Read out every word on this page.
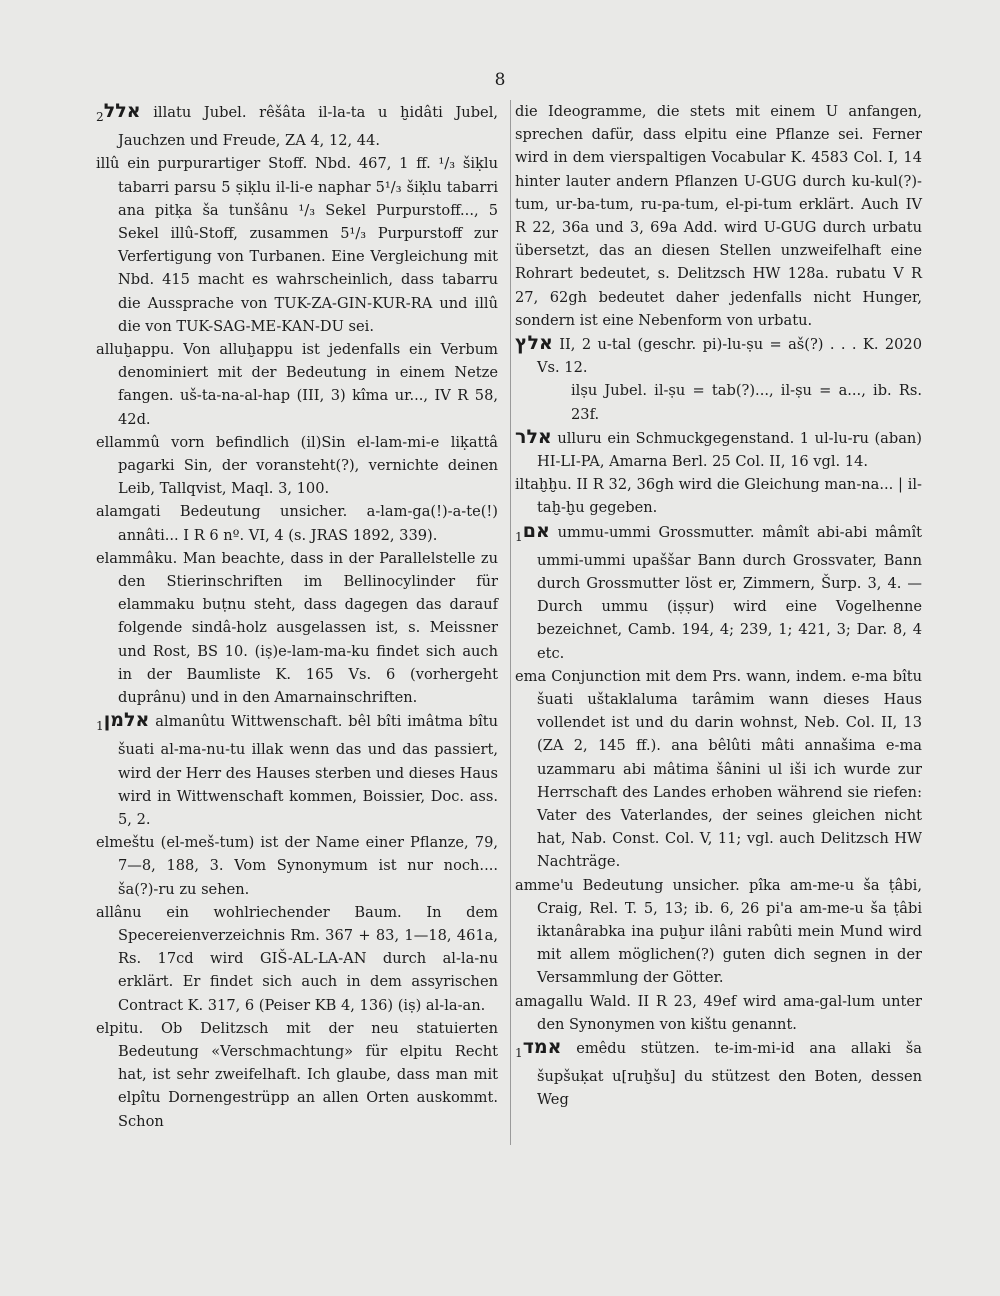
8

אלל$_2$	illatu Jubel. rêšâta il-la-ta u ḫidâti Jubel, Jauchzen und Freude, ZA 4, 12, 44.

illû ein purpurartiger Stoff. Nbd. 467, 1 ff. ¹/₃ šiḳlu tabarri parsu 5 ṣiḳlu il-li-e naphar 5¹/₃ šiḳlu tabarri ana pitḳa ša tunšânu ¹/₃ Sekel Purpurstoff..., 5 Sekel illû-Stoff, zusammen 5¹/₃ Purpurstoff zur Verfertigung von Turbanen. Eine Vergleichung mit Nbd. 415 macht es wahrscheinlich, dass tabarru die Aussprache von TUK-ZA-GIN-KUR-RA und illû die von TUK-SAG-ME-KAN-DU sei.

alluḫappu. Von alluḫappu ist jedenfalls ein Verbum denominiert mit der Bedeutung in einem Netze fangen. uš-ta-na-al-hap (III, 3) kîma ur..., IV R 58, 42d.

ellammû vorn befindlich (il)Sin el-lam-mi-e liḳattâ pagarki Sin, der voransteht(?), vernichte deinen Leib, Tallqvist, Maql. 3, 100.

alamgati Bedeutung unsicher. a-lam-ga(!)-a-te(!) annâti... I R 6 nº. VI, 4 (s. JRAS 1892, 339).

elammâku. Man beachte, dass in der Parallelstelle zu den Stierinschriften im Bellinocylinder für elammaku buṭnu steht, dass dagegen das darauf folgende sindâ-holz ausgelassen ist, s. Meissner und Rost, BS 10. (iṣ)e-lam-ma-ku findet sich auch in der Baumliste K. 165 Vs. 6 (vorhergeht duprânu) und in den Amarnainschriften.

אלמן$_1$	almanûtu Wittwenschaft. bêl bîti imâtma bîtu šuati al-ma-nu-tu illak wenn das und das passiert, wird der Herr des Hauses sterben und dieses Haus wird in Wittwenschaft kommen, Boissier, Doc. ass. 5, 2.

elmeštu (el-meš-tum) ist der Name einer Pflanze, 79, 7—8, 188, 3. Vom Synonymum ist nur noch.... ša(?)-ru zu sehen.

allânu ein wohlriechender Baum. In dem Specereienverzeichnis Rm. 367 + 83, 1—18, 461a, Rs. 17cd wird GIŠ-AL-LA-AN durch al-la-nu erklärt. Er findet sich auch in dem assyrischen Contract K. 317, 6 (Peiser KB 4, 136) (iṣ) al-la-an.

elpitu. Ob Delitzsch mit der neu statuierten Bedeutung «Verschmachtung» für elpitu Recht hat, ist sehr zweifelhaft. Ich glaube, dass man mit elpîtu Dornengestrüpp an allen Orten auskommt. Schon

die Ideogramme, die stets mit einem U anfangen, sprechen dafür, dass elpitu eine Pflanze sei. Ferner wird in dem vierspaltigen Vocabular K. 4583 Col. I, 14 hinter lauter andern Pflanzen U-GUG durch ku-kul(?)-tum, ur-ba-tum, ru-pa-tum, el-pi-tum erklärt. Auch IV R 22, 36a und 3, 69a Add. wird U-GUG durch urbatu übersetzt, das an diesen Stellen unzweifelhaft eine Rohrart bedeutet, s. Delitzsch HW 128a. rubatu V R 27, 62gh bedeutet daher jedenfalls nicht Hunger, sondern ist eine Nebenform von urbatu.

אלץ II, 2 u-tal (geschr. pi)-lu-ṣu = aš(?) . . . K. 2020 Vs. 12.

ilṣu Jubel. il-ṣu = tab(?)..., il-ṣu = a..., ib. Rs. 23f.

אלר ulluru ein Schmuckgegenstand. 1 ul-lu-ru (aban) HI-LI-PA, Amarna Berl. 25 Col. II, 16 vgl. 14.

iltaḫḫu. II R 32, 36gh wird die Gleichung man-na... | il-taḫ-ḫu gegeben.

אם$_1$ ummu-ummi Grossmutter. mâmît abi-abi mâmît ummi-ummi upaššar Bann durch Grossvater, Bann durch Grossmutter löst er, Zimmern, Šurp. 3, 4. — Durch ummu (iṣṣur) wird eine Vogelhenne bezeichnet, Camb. 194, 4; 239, 1; 421, 3; Dar. 8, 4 etc.

ema Conjunction mit dem Prs. wann, indem. e-ma bîtu šuati uštaklaluma tarâmim wann dieses Haus vollendet ist und du darin wohnst, Neb. Col. II, 13 (ZA 2, 145 ff.). ana bêlûti mâti annašima e-ma uzammaru abi mâtima šânini ul iši ich wurde zur Herrschaft des Landes erhoben während sie riefen: Vater des Vaterlandes, der seines gleichen nicht hat, Nab. Const. Col. V, 11; vgl. auch Delitzsch HW Nachträge.

amme'u Bedeutung unsicher. pîka am-me-u ša ṭâbi, Craig, Rel. T. 5, 13; ib. 6, 26 pi'a am-me-u ša ṭâbi iktanârabka ina puḫur ilâni rabûti mein Mund wird mit allem möglichen(?) guten dich segnen in der Versammlung der Götter.

amagallu Wald. II R 23, 49ef wird ama-gal-lum unter den Synonymen von kištu genannt.

אמד$_1$	emêdu stützen. te-im-mi-id ana allaki ša šupšuḳat u[ruḫšu] du stützest den Boten, dessen Weg
